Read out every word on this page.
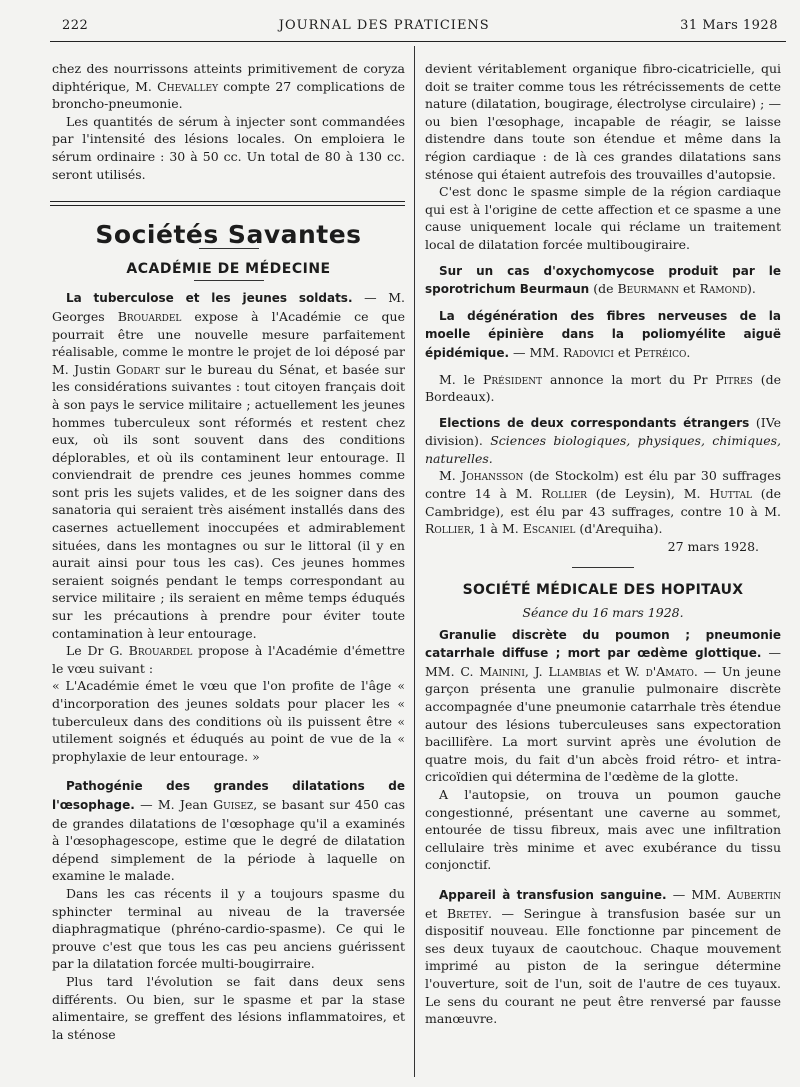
222	JOURNAL DES PRATICIENS	31 Mars 1928

chez des nourrissons atteints primitivement de coryza diphtérique, M. Chevalley compte 27 complications de broncho-pneumonie.

Les quantités de sérum à injecter sont commandées par l'intensité des lésions locales. On emploiera le sérum ordinaire : 30 à 50 cc. Un total de 80 à 130 cc. seront utilisés.

Sociétés Savantes
ACADÉMIE DE MÉDECINE

La tuberculose et les jeunes soldats. — M. Georges Brouardel expose à l'Académie ce que pourrait être une nouvelle mesure parfaitement réalisable, comme le montre le projet de loi déposé par M. Justin Godart sur le bureau du Sénat, et basée sur les considérations suivantes : tout citoyen français doit à son pays le service militaire ; actuellement les jeunes hommes tuberculeux sont réformés et restent chez eux, où ils sont souvent dans des conditions déplorables, et où ils contaminent leur entourage. Il conviendrait de prendre ces jeunes hommes comme sont pris les sujets valides, et de les soigner dans des sanatoria qui seraient très aisément installés dans des casernes actuellement inoccupées et admirablement situées, dans les montagnes ou sur le littoral (il y en aurait ainsi pour tous les cas). Ces jeunes hommes seraient soignés pendant le temps correspondant au service militaire ; ils seraient en même temps éduqués sur les précautions à prendre pour éviter toute contamination à leur entourage.

Le Dr G. Brouardel propose à l'Académie d'émettre le vœu suivant :

« L'Académie émet le vœu que l'on profite de l'âge « d'incorporation des jeunes soldats pour placer les « tuberculeux dans des conditions où ils puissent être « utilement soignés et éduqués au point de vue de la « prophylaxie de leur entourage. »

Pathogénie des grandes dilatations de l'œsophage. — M. Jean Guisez, se basant sur 450 cas de grandes dilatations de l'œsophage qu'il a examinés à l'œsophagescope, estime que le degré de dilatation dépend simplement de la période à laquelle on examine le malade.

Dans les cas récents il y a toujours spasme du sphincter terminal au niveau de la traversée diaphragmatique (phréno-cardio-spasme). Ce qui le prouve c'est que tous les cas peu anciens guérissent par la dilatation forcée multi-bougirraire.

Plus tard l'évolution se fait dans deux sens différents. Ou bien, sur le spasme et par la stase alimentaire, se greffent des lésions inflammatoires, et la sténose

devient véritablement organique fibro-cicatricielle, qui doit se traiter comme tous les rétrécissements de cette nature (dilatation, bougirage, électrolyse circulaire) ; — ou bien l'œsophage, incapable de réagir, se laisse distendre dans toute son étendue et même dans la région cardiaque : de là ces grandes dilatations sans sténose qui étaient autrefois des trouvailles d'autopsie.

C'est donc le spasme simple de la région cardiaque qui est à l'origine de cette affection et ce spasme a une cause uniquement locale qui réclame un traitement local de dilatation forcée multibougiraire.

Sur un cas d'oxychomycose produit par le sporotrichum Beurmaun (de Beurmann et Ramond).

La dégénération des fibres nerveuses de la moelle épinière dans la poliomyélite aiguë épidémique. — MM. Radovici et Petréico.

M. le Président annonce la mort du Pr Pitres (de Bordeaux).

Elections de deux correspondants étrangers (IVe division). Sciences biologiques, physiques, chimiques, naturelles.

M. Johansson (de Stockolm) est élu par 30 suffrages contre 14 à M. Rollier (de Leysin), M. Huttal (de Cambridge), est élu par 43 suffrages, contre 10 à M. Rollier, 1 à M. Escaniel (d'Arequiha).

27 mars 1928.
SOCIÉTÉ MÉDICALE DES HOPITAUX
Séance du 16 mars 1928.

Granulie discrète du poumon ; pneumonie catarrhale diffuse ; mort par œdème glottique. — MM. C. Mainini, J. Llambias et W. d'Amato. — Un jeune garçon présenta une granulie pulmonaire discrète accompagnée d'une pneumonie catarrhale très étendue autour des lésions tuberculeuses sans expectoration bacillifère. La mort survint après une évolution de quatre mois, du fait d'un abcès froid rétro- et intra-cricoïdien qui détermina de l'œdème de la glotte.

A l'autopsie, on trouva un poumon gauche congestionné, présentant une caverne au sommet, entourée de tissu fibreux, mais avec une infiltration cellulaire très minime et avec exubérance du tissu conjonctif.

Appareil à transfusion sanguine. — MM. Aubertin et Bretey. — Seringue à transfusion basée sur un dispositif nouveau. Elle fonctionne par pincement de ses deux tuyaux de caoutchouc. Chaque mouvement imprimé au piston de la seringue détermine l'ouverture, soit de l'un, soit de l'autre de ces tuyaux. Le sens du courant ne peut être renversé par fausse manœuvre.
